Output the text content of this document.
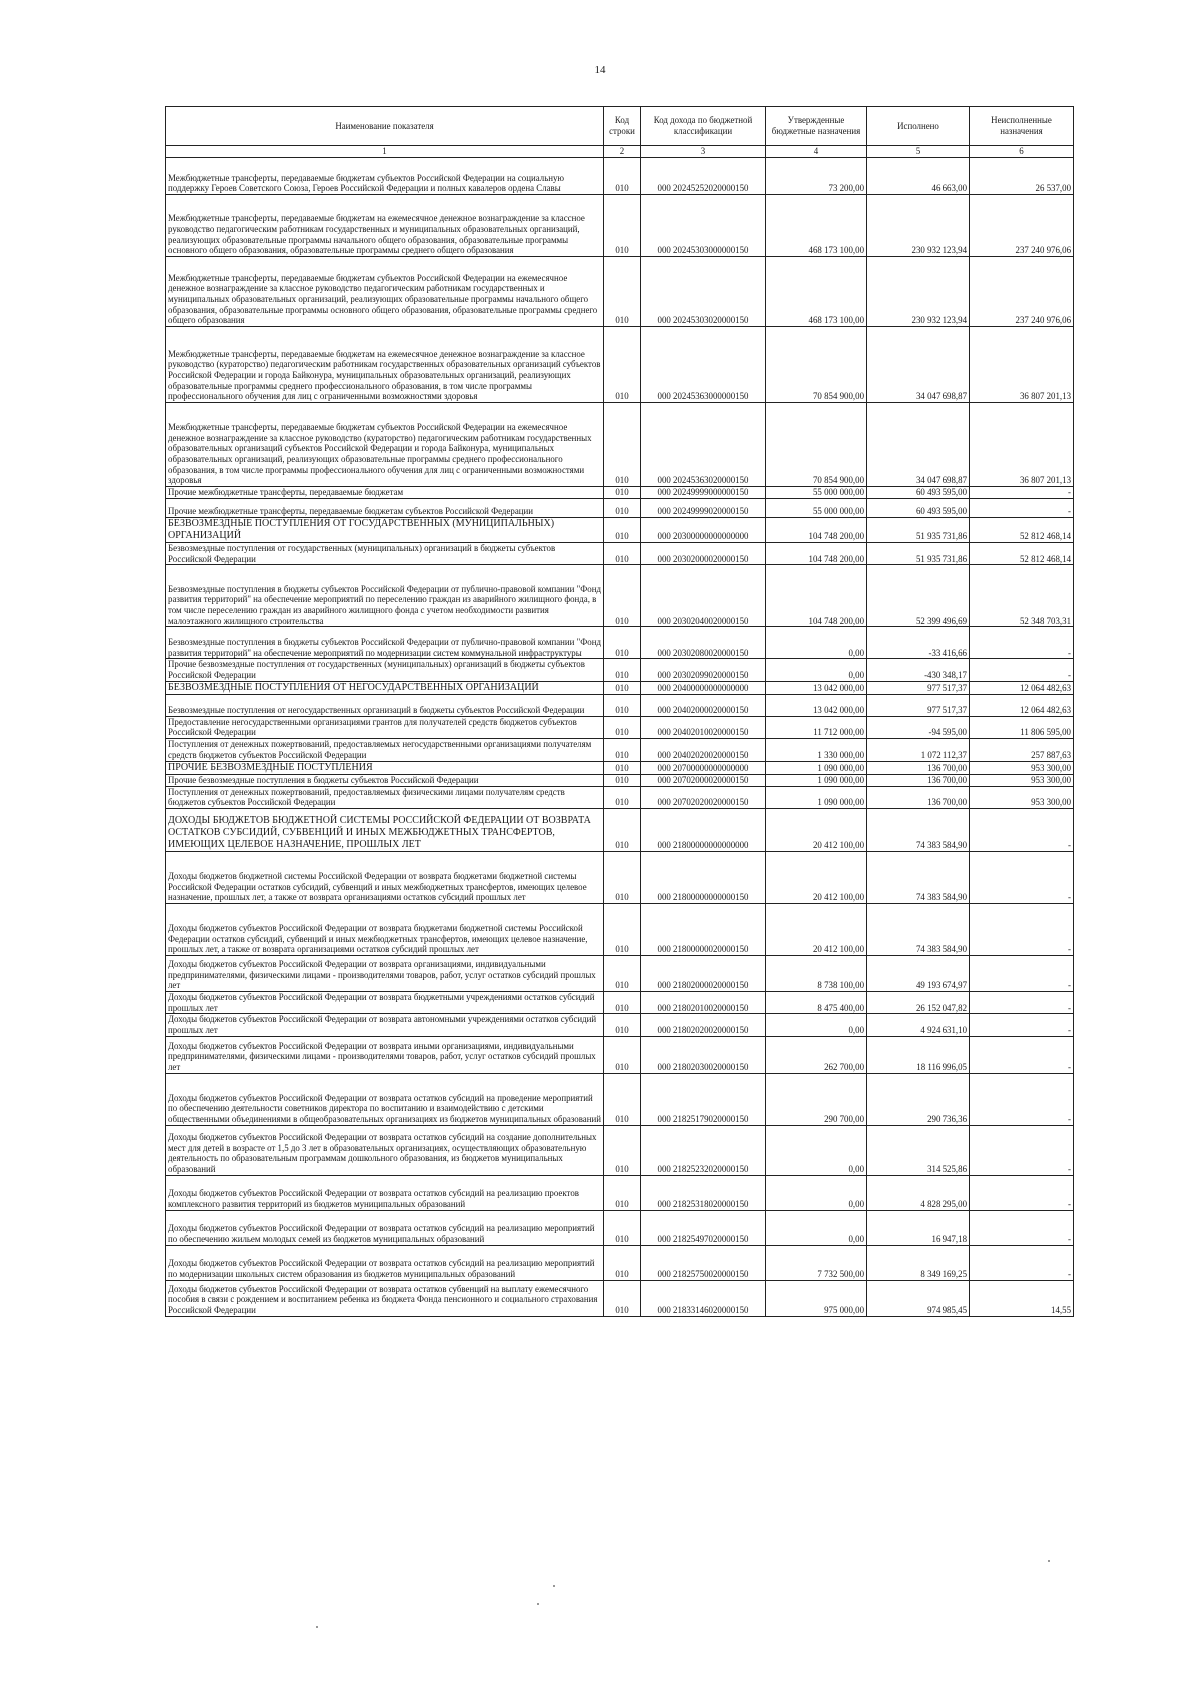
14
Наименование показателя	Код строки	Код дохода по бюджетной классификации	Утвержденные бюджетные назначения	Исполнено	Неисполненные назначения
1	2	3	4	5	6
Межбюджетные трансферты, передаваемые бюджетам субъектов Российской Федерации на социальную поддержку Героев Советского Союза, Героев Российской Федерации и полных кавалеров ордена Славы	010	000 20245252020000150	73 200,00	46 663,00	26 537,00
Межбюджетные трансферты, передаваемые бюджетам на ежемесячное денежное вознаграждение за классное руководство педагогическим работникам государственных и муниципальных образовательных организаций, реализующих образовательные программы начального общего образования, образовательные программы основного общего образования, образовательные программы среднего общего образования	010	000 20245303000000150	468 173 100,00	230 932 123,94	237 240 976,06
Межбюджетные трансферты, передаваемые бюджетам субъектов Российской Федерации на ежемесячное денежное вознаграждение за классное руководство педагогическим работникам государственных и муниципальных образовательных организаций, реализующих образовательные программы начального общего образования, образовательные программы основного общего образования, образовательные программы среднего общего образования	010	000 20245303020000150	468 173 100,00	230 932 123,94	237 240 976,06
Межбюджетные трансферты, передаваемые бюджетам на ежемесячное денежное вознаграждение за классное руководство (кураторство) педагогическим работникам государственных образовательных организаций субъектов Российской Федерации и города Байконура, муниципальных образовательных организаций, реализующих образовательные программы среднего профессионального образования, в том числе программы профессионального обучения для лиц с ограниченными возможностями здоровья	010	000 20245363000000150	70 854 900,00	34 047 698,87	36 807 201,13
Межбюджетные трансферты, передаваемые бюджетам субъектов Российской Федерации на ежемесячное денежное вознаграждение за классное руководство (кураторство) педагогическим работникам государственных образовательных организаций субъектов Российской Федерации и города Байконура, муниципальных образовательных организаций, реализующих образовательные программы среднего профессионального образования, в том числе программы профессионального обучения для лиц с ограниченными возможностями здоровья	010	000 20245363020000150	70 854 900,00	34 047 698,87	36 807 201,13
Прочие межбюджетные трансферты, передаваемые бюджетам	010	000 20249999000000150	55 000 000,00	60 493 595,00	-
Прочие межбюджетные трансферты, передаваемые бюджетам субъектов Российской Федерации	010	000 20249999020000150	55 000 000,00	60 493 595,00	-
БЕЗВОЗМЕЗДНЫЕ ПОСТУПЛЕНИЯ ОТ ГОСУДАРСТВЕННЫХ (МУНИЦИПАЛЬНЫХ) ОРГАНИЗАЦИЙ	010	000 20300000000000000	104 748 200,00	51 935 731,86	52 812 468,14
Безвозмездные поступления от государственных (муниципальных) организаций в бюджеты субъектов Российской Федерации	010	000 20302000020000150	104 748 200,00	51 935 731,86	52 812 468,14
Безвозмездные поступления в бюджеты субъектов Российской Федерации от публично-правовой компании "Фонд развития территорий" на обеспечение мероприятий по переселению граждан из аварийного жилищного фонда, в том числе переселению граждан из аварийного жилищного фонда с учетом необходимости развития малоэтажного жилищного строительства	010	000 20302040020000150	104 748 200,00	52 399 496,69	52 348 703,31
Безвозмездные поступления в бюджеты субъектов Российской Федерации от публично-правовой компании "Фонд развития территорий" на обеспечение мероприятий по модернизации систем коммунальной инфраструктуры	010	000 20302080020000150	0,00	-33 416,66	-
Прочие безвозмездные поступления от государственных (муниципальных) организаций в бюджеты субъектов Российской Федерации	010	000 20302099020000150	0,00	-430 348,17	-
БЕЗВОЗМЕЗДНЫЕ ПОСТУПЛЕНИЯ ОТ НЕГОСУДАРСТВЕННЫХ ОРГАНИЗАЦИЙ	010	000 20400000000000000	13 042 000,00	977 517,37	12 064 482,63
Безвозмездные поступления от негосударственных организаций в бюджеты субъектов Российской Федерации	010	000 20402000020000150	13 042 000,00	977 517,37	12 064 482,63
Предоставление негосударственными организациями грантов для получателей средств бюджетов субъектов Российской Федерации	010	000 20402010020000150	11 712 000,00	-94 595,00	11 806 595,00
Поступления от денежных пожертвований, предоставляемых негосударственными организациями получателям средств бюджетов субъектов Российской Федерации	010	000 20402020020000150	1 330 000,00	1 072 112,37	257 887,63
ПРОЧИЕ БЕЗВОЗМЕЗДНЫЕ ПОСТУПЛЕНИЯ	010	000 20700000000000000	1 090 000,00	136 700,00	953 300,00
Прочие безвозмездные поступления в бюджеты субъектов Российской Федерации	010	000 20702000020000150	1 090 000,00	136 700,00	953 300,00
Поступления от денежных пожертвований, предоставляемых физическими лицами получателям средств бюджетов субъектов Российской Федерации	010	000 20702020020000150	1 090 000,00	136 700,00	953 300,00
ДОХОДЫ БЮДЖЕТОВ БЮДЖЕТНОЙ СИСТЕМЫ РОССИЙСКОЙ ФЕДЕРАЦИИ ОТ ВОЗВРАТА ОСТАТКОВ СУБСИДИЙ, СУБВЕНЦИЙ И ИНЫХ МЕЖБЮДЖЕТНЫХ ТРАНСФЕРТОВ, ИМЕЮЩИХ ЦЕЛЕВОЕ НАЗНАЧЕНИЕ, ПРОШЛЫХ ЛЕТ	010	000 21800000000000000	20 412 100,00	74 383 584,90	-
Доходы бюджетов бюджетной системы Российской Федерации от возврата бюджетами бюджетной системы Российской Федерации остатков субсидий, субвенций и иных межбюджетных трансфертов, имеющих целевое назначение, прошлых лет, а также от возврата организациями остатков субсидий прошлых лет	010	000 21800000000000150	20 412 100,00	74 383 584,90	-
Доходы бюджетов субъектов Российской Федерации от возврата бюджетами бюджетной системы Российской Федерации остатков субсидий, субвенций и иных межбюджетных трансфертов, имеющих целевое назначение, прошлых лет, а также от возврата организациями остатков субсидий прошлых лет	010	000 21800000020000150	20 412 100,00	74 383 584,90	-
Доходы бюджетов субъектов Российской Федерации от возврата организациями, индивидуальными предпринимателями, физическими лицами - производителями товаров, работ, услуг остатков субсидий прошлых лет	010	000 21802000020000150	8 738 100,00	49 193 674,97	-
Доходы бюджетов субъектов Российской Федерации от возврата бюджетными учреждениями остатков субсидий прошлых лет	010	000 21802010020000150	8 475 400,00	26 152 047,82	-
Доходы бюджетов субъектов Российской Федерации от возврата автономными учреждениями остатков субсидий прошлых лет	010	000 21802020020000150	0,00	4 924 631,10	-
Доходы бюджетов субъектов Российской Федерации от возврата иными организациями, индивидуальными предпринимателями, физическими лицами - производителями товаров, работ, услуг остатков субсидий прошлых лет	010	000 21802030020000150	262 700,00	18 116 996,05	-
Доходы бюджетов субъектов Российской Федерации от возврата остатков субсидий на проведение мероприятий по обеспечению деятельности советников директора по воспитанию и взаимодействию с детскими общественными объединениями в общеобразовательных организациях из бюджетов муниципальных образований	010	000 21825179020000150	290 700,00	290 736,36	-
Доходы бюджетов субъектов Российской Федерации от возврата остатков субсидий на создание дополнительных мест для детей в возрасте от 1,5 до 3 лет в образовательных организациях, осуществляющих образовательную деятельность по образовательным программам дошкольного образования, из бюджетов муниципальных образований	010	000 21825232020000150	0,00	314 525,86	-
Доходы бюджетов субъектов Российской Федерации от возврата остатков субсидий на реализацию проектов комплексного развития территорий из бюджетов муниципальных образований	010	000 21825318020000150	0,00	4 828 295,00	-
Доходы бюджетов субъектов Российской Федерации от возврата остатков субсидий на реализацию мероприятий по обеспечению жильем молодых семей из бюджетов муниципальных образований	010	000 21825497020000150	0,00	16 947,18	-
Доходы бюджетов субъектов Российской Федерации от возврата остатков субсидий на реализацию мероприятий по модернизации школьных систем образования из бюджетов муниципальных образований	010	000 21825750020000150	7 732 500,00	8 349 169,25	-
Доходы бюджетов субъектов Российской Федерации от возврата остатков субвенций на выплату ежемесячного пособия в связи с рождением и воспитанием ребенка из бюджета Фонда пенсионного и социального страхования Российской Федерации	010	000 21833146020000150	975 000,00	974 985,45	14,55
